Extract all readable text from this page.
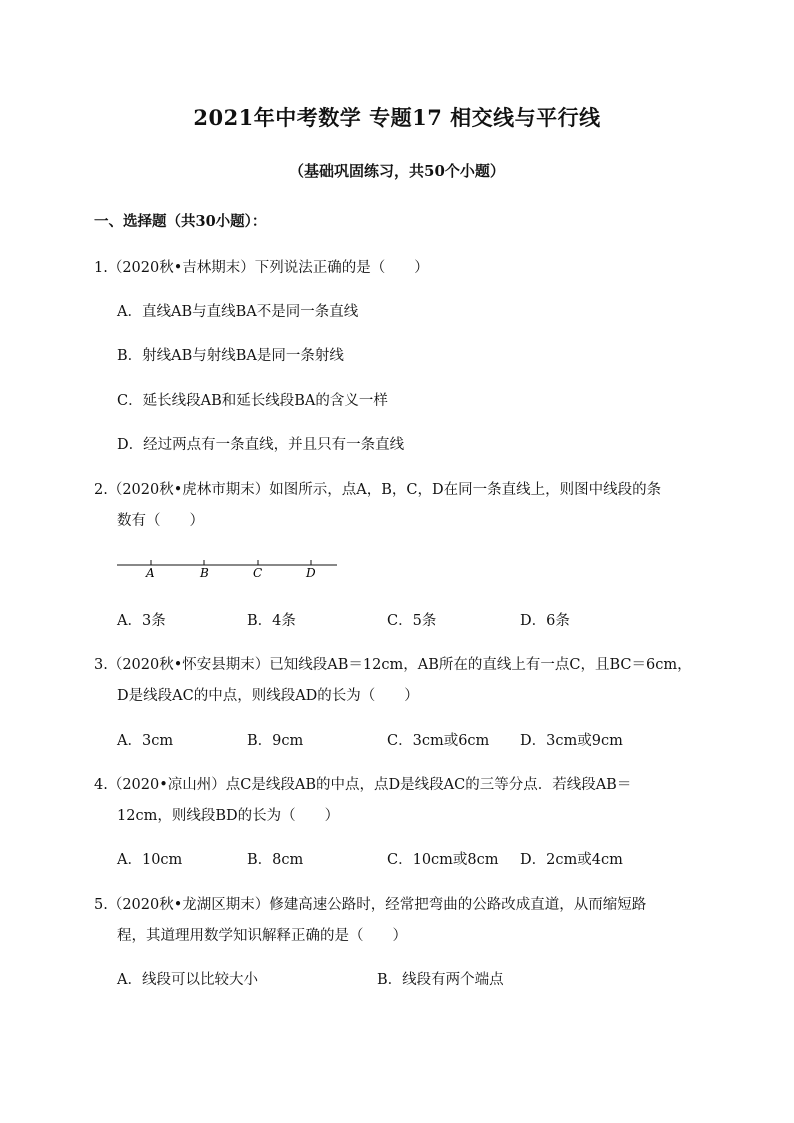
2021年中考数学 专题17 相交线与平行线
（基础巩固练习，共50个小题）
一、选择题（共30小题）：
1.（2020秋•吉林期末）下列说法正确的是（　　）
A．直线AB与直线BA不是同一条直线
B．射线AB与射线BA是同一条射线
C．延长线段AB和延长线段BA的含义一样
D．经过两点有一条直线，并且只有一条直线
2.（2020秋•虎林市期末）如图所示，点A，B，C，D在同一条直线上，则图中线段的条
数有（　　）
A	B	C	D
A．3条	B．4条	C．5条	D．6条
3.（2020秋•怀安县期末）已知线段AB＝12cm，AB所在的直线上有一点C，且BC＝6cm，
D是线段AC的中点，则线段AD的长为（　　）
A．3cm	B．9cm	C．3cm或6cm D．3cm或9cm
4.（2020•凉山州）点C是线段AB的中点，点D是线段AC的三等分点．若线段AB＝
12cm，则线段BD的长为（　　）
A．10cm	B．8cm	C．10cm或8cm D．2cm或4cm
5.（2020秋•龙湖区期末）修建高速公路时，经常把弯曲的公路改成直道，从而缩短路
程，其道理用数学知识解释正确的是（　　）
A．线段可以比较大小	B．线段有两个端点
